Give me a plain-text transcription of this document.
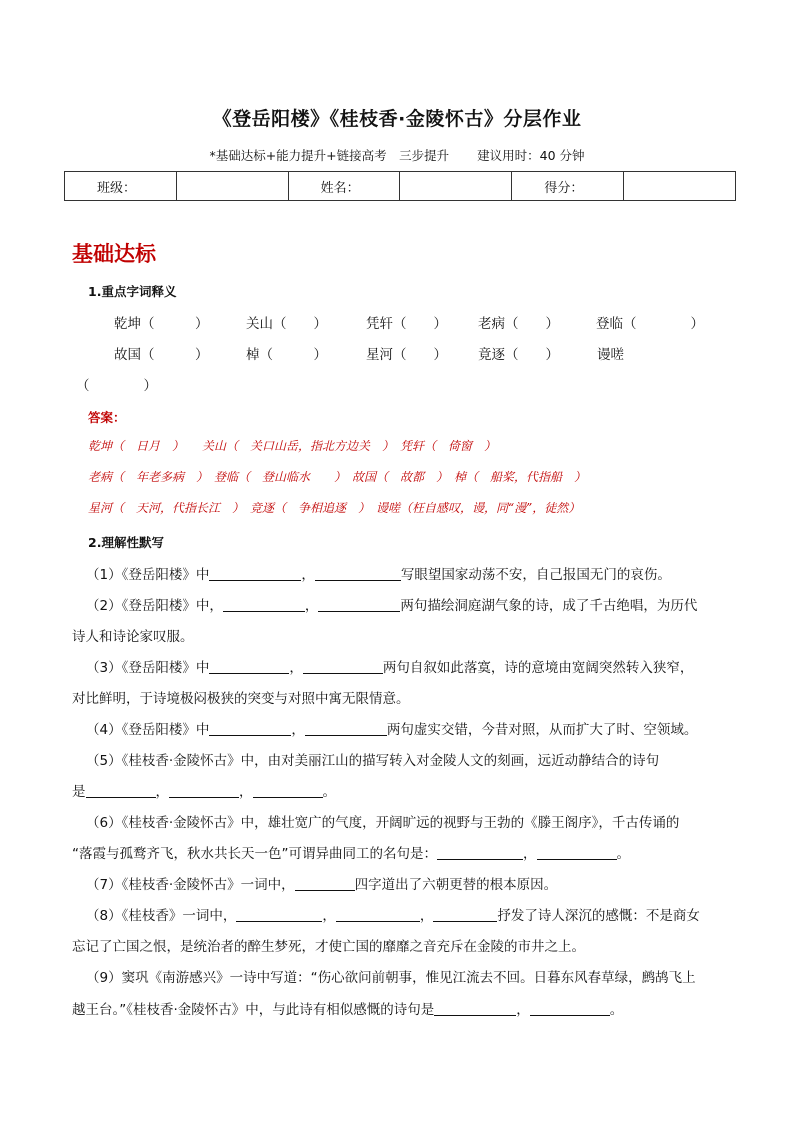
《登岳阳楼》《桂枝香·金陵怀古》分层作业
*基础达标+能力提升+链接高考　三步提升 建议用时：40 分钟
班级：		姓名：		得分：	
基础达标
1.重点字词释义
乾坤（　　　）	关山（　　）	凭轩（　　） 老病（　　）	登临（　　　　）
故国（　　　）	棹（　　　）	星河（　　） 竟逐（　　）	谩嗟
（　　　　）
答案：
乾坤（　日月　）　　关山（　关口山岳，指北方边关　）　凭轩（　倚窗　）
老病（　年老多病　）　登临（　登山临水　　）　故国（　故都　）　棹（　船桨，代指船　）
星河（　天河，代指长江　）　竞逐（　争相追逐　）　谩嗟（枉自感叹，谩，同“漫”，徒然）
2.理解性默写
（1）《登岳阳楼》中	，	写眼望国家动荡不安，自己报国无门的哀伤。
（2）《登岳阳楼》中，	，	两句描绘洞庭湖气象的诗，成了千古绝唱，为历代
诗人和诗论家叹服。
（3）《登岳阳楼》中	，	两句自叙如此落寞，诗的意境由宽阔突然转入狭窄，
对比鲜明，于诗境极闷极狭的突变与对照中寓无限情意。
（4）《登岳阳楼》中	，	两句虚实交错，今昔对照，从而扩大了时、空领域。
（5）《桂枝香·金陵怀古》中，由对美丽江山的描写转入对金陵人文的刻画，远近动静结合的诗句
是	，	，	。
（6）《桂枝香·金陵怀古》中，雄壮宽广的气度，开阔旷远的视野与王勃的《滕王阁序》，千古传诵的
“落霞与孤鹜齐飞，秋水共长天一色”可谓异曲同工的名句是：	，	。
（7）《桂枝香·金陵怀古》一词中，	四字道出了六朝更替的根本原因。
（8）《桂枝香》一词中，	，	，	抒发了诗人深沉的感慨：不是商女
忘记了亡国之恨，是统治者的醉生梦死，才使亡国的靡靡之音充斥在金陵的市井之上。
（9）窦巩《南游感兴》一诗中写道：“伤心欲问前朝事，惟见江流去不回。日暮东风春草绿，鹧鸪飞上
越王台。”《桂枝香·金陵怀古》中，与此诗有相似感慨的诗句是	，	。
